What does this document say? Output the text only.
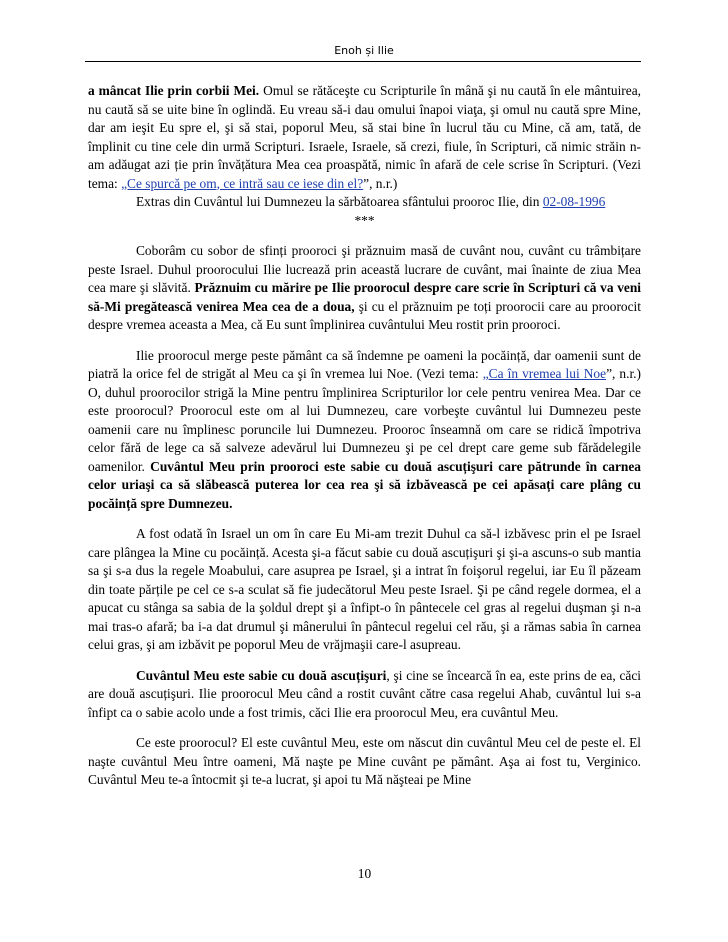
Enoh și Ilie

a mâncat Ilie prin corbii Mei. Omul se rătăceşte cu Scripturile în mână şi nu caută în ele mântuirea, nu caută să se uite bine în oglindă. Eu vreau să-i dau omului înapoi viaţa, şi omul nu caută spre Mine, dar am ieşit Eu spre el, şi să stai, poporul Meu, să stai bine în lucrul tău cu Mine, că am, tată, de împlinit cu tine cele din urmă Scripturi. Israele, Israele, să crezi, fiule, în Scripturi, că nimic străin n-am adăugat azi ție prin învățătura Mea cea proaspătă, nimic în afară de cele scrise în Scripturi. (Vezi tema: „Ce spurcă pe om, ce intră sau ce iese din el?”, n.r.)

Extras din Cuvântul lui Dumnezeu la sărbătoarea sfântului prooroc Ilie, din 02-08-1996

***

Coborâm cu sobor de sfinți prooroci şi prăznuim masă de cuvânt nou, cuvânt cu trâmbițare peste Israel. Duhul proorocului Ilie lucrează prin această lucrare de cuvânt, mai înainte de ziua Mea cea mare şi slăvită. Prăznuim cu mărire pe Ilie proorocul despre care scrie în Scripturi că va veni să-Mi pregătească venirea Mea cea de a doua, şi cu el prăznuim pe toți proorocii care au proorocit despre vremea aceasta a Mea, că Eu sunt împlinirea cuvântului Meu rostit prin prooroci.

Ilie proorocul merge peste pământ ca să îndemne pe oameni la pocăință, dar oamenii sunt de piatră la orice fel de strigăt al Meu ca şi în vremea lui Noe. (Vezi tema: „Ca în vremea lui Noe”, n.r.) O, duhul proorocilor strigă la Mine pentru împlinirea Scripturilor lor cele pentru venirea Mea. Dar ce este proorocul? Proorocul este om al lui Dumnezeu, care vorbeşte cuvântul lui Dumnezeu peste oamenii care nu împlinesc poruncile lui Dumnezeu. Prooroc înseamnă om care se ridică împotriva celor fără de lege ca să salveze adevărul lui Dumnezeu şi pe cel drept care geme sub fărădelegile oamenilor. Cuvântul Meu prin prooroci este sabie cu două ascuțişuri care pătrunde în carnea celor uriaşi ca să slăbească puterea lor cea rea şi să izbăvească pe cei apăsați care plâng cu pocăință spre Dumnezeu.

A fost odată în Israel un om în care Eu Mi-am trezit Duhul ca să-l izbăvesc prin el pe Israel care plângea la Mine cu pocăință. Acesta şi-a făcut sabie cu două ascuțişuri şi şi-a ascuns-o sub mantia sa şi s-a dus la regele Moabului, care asuprea pe Israel, şi a intrat în foişorul regelui, iar Eu îl păzeam din toate părțile pe cel ce s-a sculat să fie judecătorul Meu peste Israel. Şi pe când regele dormea, el a apucat cu stânga sa sabia de la şoldul drept şi a înfipt-o în pântecele cel gras al regelui duşman şi n-a mai tras-o afară; ba i-a dat drumul şi mânerului în pântecul regelui cel rău, şi a rămas sabia în carnea celui gras, şi am izbăvit pe poporul Meu de vrăjmaşii care-l asupreau.

Cuvântul Meu este sabie cu două ascuțişuri, şi cine se încearcă în ea, este prins de ea, căci are două ascuțişuri. Ilie proorocul Meu când a rostit cuvânt către casa regelui Ahab, cuvântul lui s-a înfipt ca o sabie acolo unde a fost trimis, căci Ilie era proorocul Meu, era cuvântul Meu.

Ce este proorocul? El este cuvântul Meu, este om născut din cuvântul Meu cel de peste el. El naşte cuvântul Meu între oameni, Mă naşte pe Mine cuvânt pe pământ. Aşa ai fost tu, Verginico. Cuvântul Meu te-a întocmit şi te-a lucrat, şi apoi tu Mă năşteai pe Mine

10
